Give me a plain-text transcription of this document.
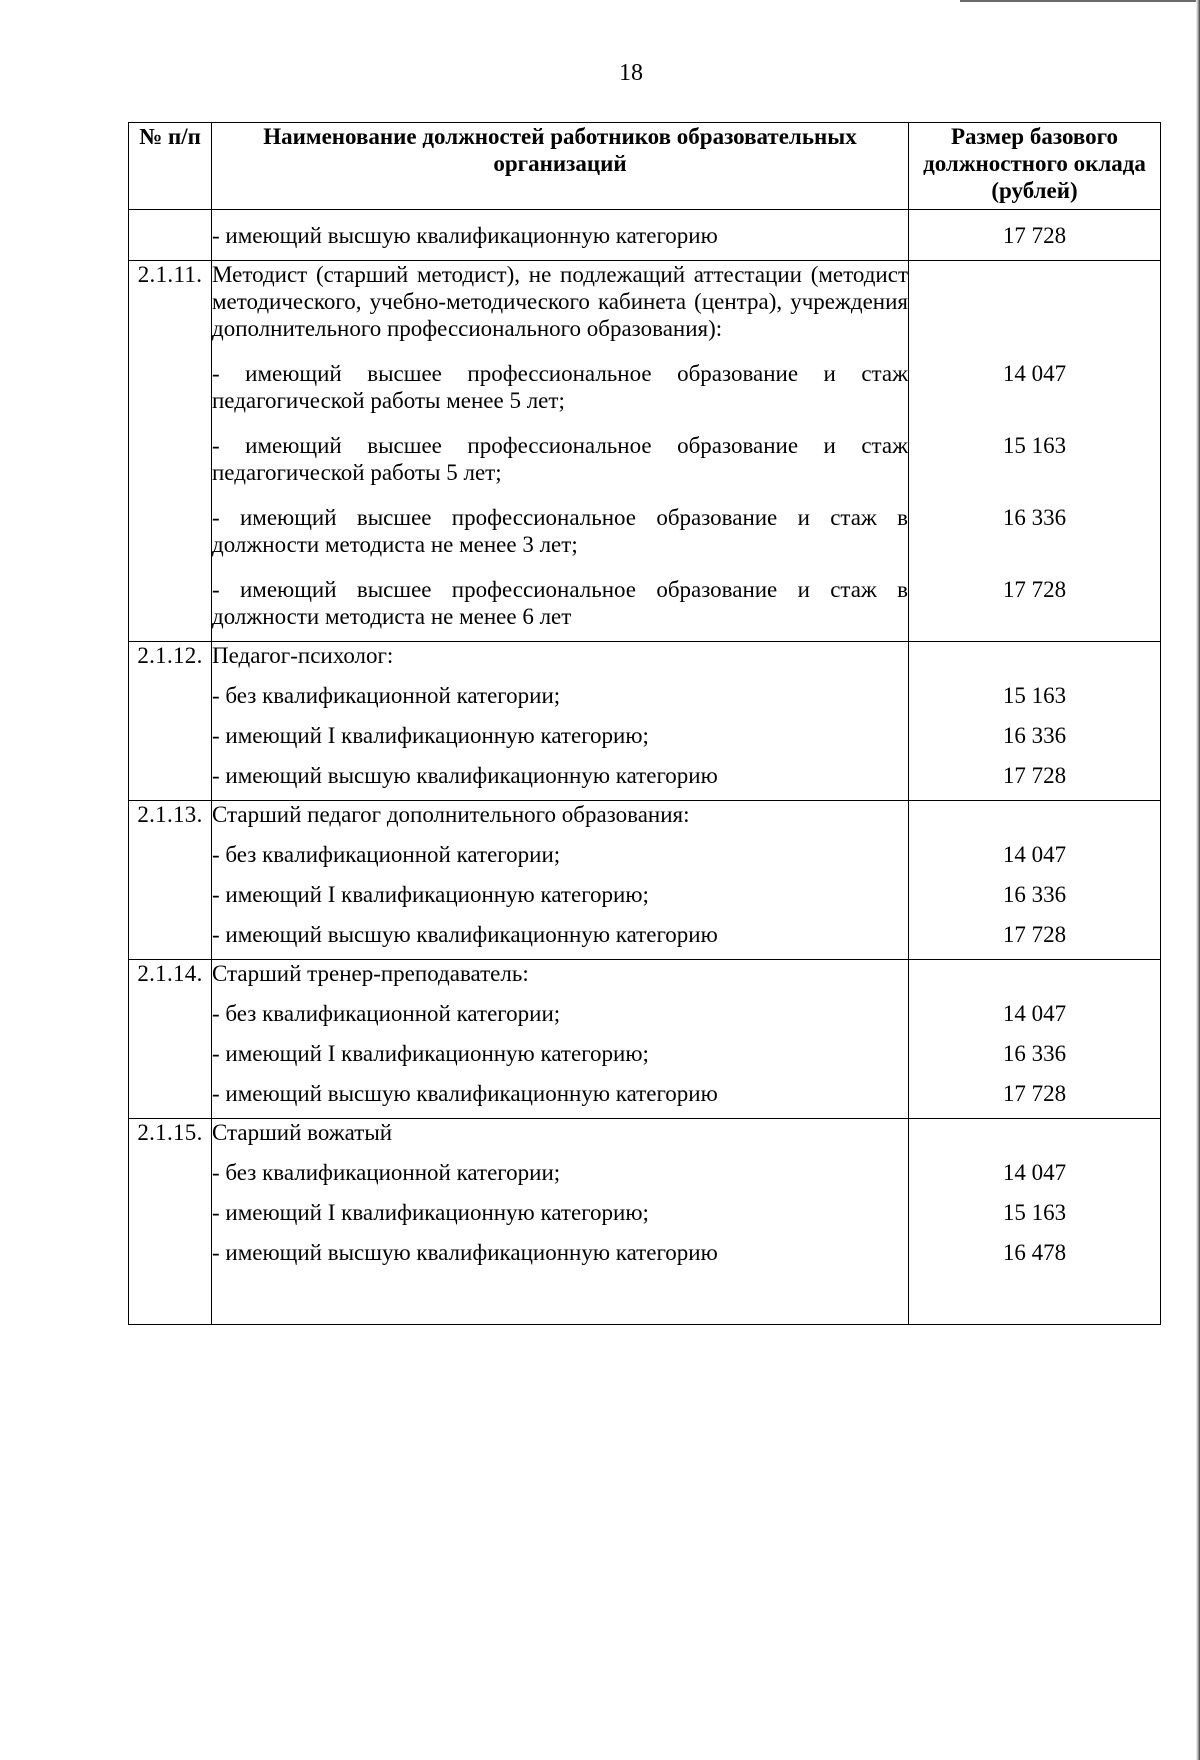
18
№ п/п	Наименование должностей работников образовательных организаций	Размер базового должностного оклада (рублей)
	- имеющий высшую квалификационную категорию	17 728
2.1.11.	Методист (старший методист), не подлежащий аттестации (методист методического, учебно-методического кабинета (центра), учреждения дополнительного профессионального образования):	
	- имеющий высшее профессиональное образование и стаж педагогической работы менее 5 лет;	14 047
	- имеющий высшее профессиональное образование и стаж педагогической работы 5 лет;	15 163
	- имеющий высшее профессиональное образование и стаж в должности методиста не менее 3 лет;	16 336
	- имеющий высшее профессиональное образование и стаж в должности методиста не менее 6 лет	17 728
2.1.12.	Педагог-психолог:	
	- без квалификационной категории;	15 163
	- имеющий I квалификационную категорию;	16 336
	- имеющий высшую квалификационную категорию	17 728
2.1.13.	Старший педагог дополнительного образования:	
	- без квалификационной категории;	14 047
	- имеющий I квалификационную категорию;	16 336
	- имеющий высшую квалификационную категорию	17 728
2.1.14.	Старший тренер-преподаватель:	
	- без квалификационной категории;	14 047
	- имеющий I квалификационную категорию;	16 336
	- имеющий высшую квалификационную категорию	17 728
2.1.15.	Старший вожатый	
	- без квалификационной категории;	14 047
	- имеющий I квалификационную категорию;	15 163
	- имеющий высшую квалификационную категорию	16 478
